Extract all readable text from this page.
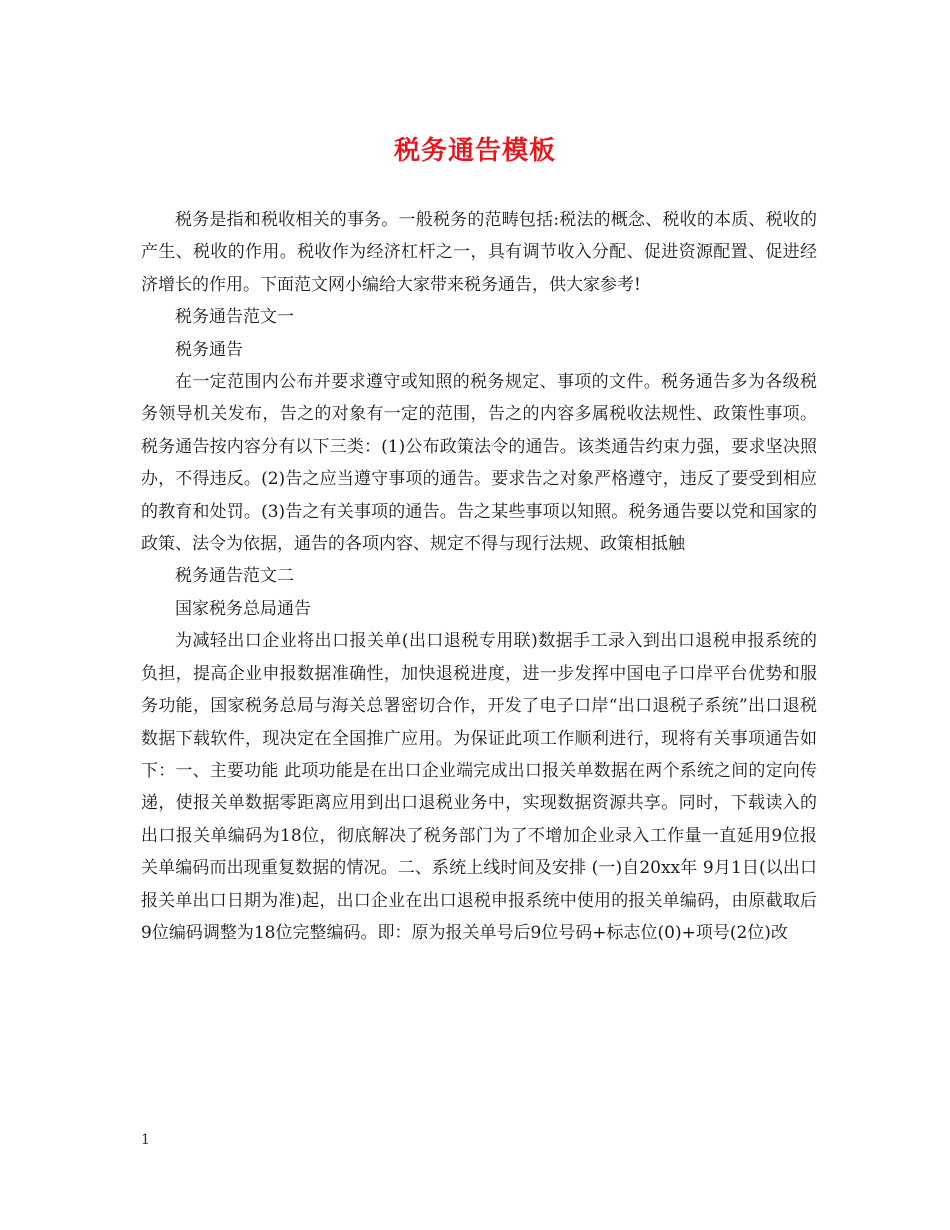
税务通告模板

税务是指和税收相关的事务。一般税务的范畴包括:税法的概念、税收的本质、税收的产生、税收的作用。税收作为经济杠杆之一，具有调节收入分配、促进资源配置、促进经济增长的作用。下面范文网小编给大家带来税务通告，供大家参考!

税务通告范文一

税务通告

在一定范围内公布并要求遵守或知照的税务规定、事项的文件。税务通告多为各级税务领导机关发布，告之的对象有一定的范围，告之的内容多属税收法规性、政策性事项。税务通告按内容分有以下三类：(1)公布政策法令的通告。该类通告约束力强，要求坚决照办，不得违反。(2)告之应当遵守事项的通告。要求告之对象严格遵守，违反了要受到相应的教育和处罚。(3)告之有关事项的通告。告之某些事项以知照。税务通告要以党和国家的政策、法令为依据，通告的各项内容、规定不得与现行法规、政策相抵触

税务通告范文二

国家税务总局通告

为减轻出口企业将出口报关单(出口退税专用联)数据手工录入到出口退税申报系统的负担，提高企业申报数据准确性，加快退税进度，进一步发挥中国电子口岸平台优势和服务功能，国家税务总局与海关总署密切合作，开发了电子口岸“出口退税子系统”出口退税数据下载软件，现决定在全国推广应用。为保证此项工作顺利进行，现将有关事项通告如下：一、主要功能 此项功能是在出口企业端完成出口报关单数据在两个系统之间的定向传递，使报关单数据零距离应用到出口退税业务中，实现数据资源共享。同时，下载读入的出口报关单编码为18位，彻底解决了税务部门为了不增加企业录入工作量一直延用9位报关单编码而出现重复数据的情况。二、系统上线时间及安排 (一)自20xx年 9月1日(以出口报关单出口日期为准)起，出口企业在出口退税申报系统中使用的报关单编码，由原截取后9位编码调整为18位完整编码。即：原为报关单号后9位号码+标志位(0)+项号(2位)改

1
